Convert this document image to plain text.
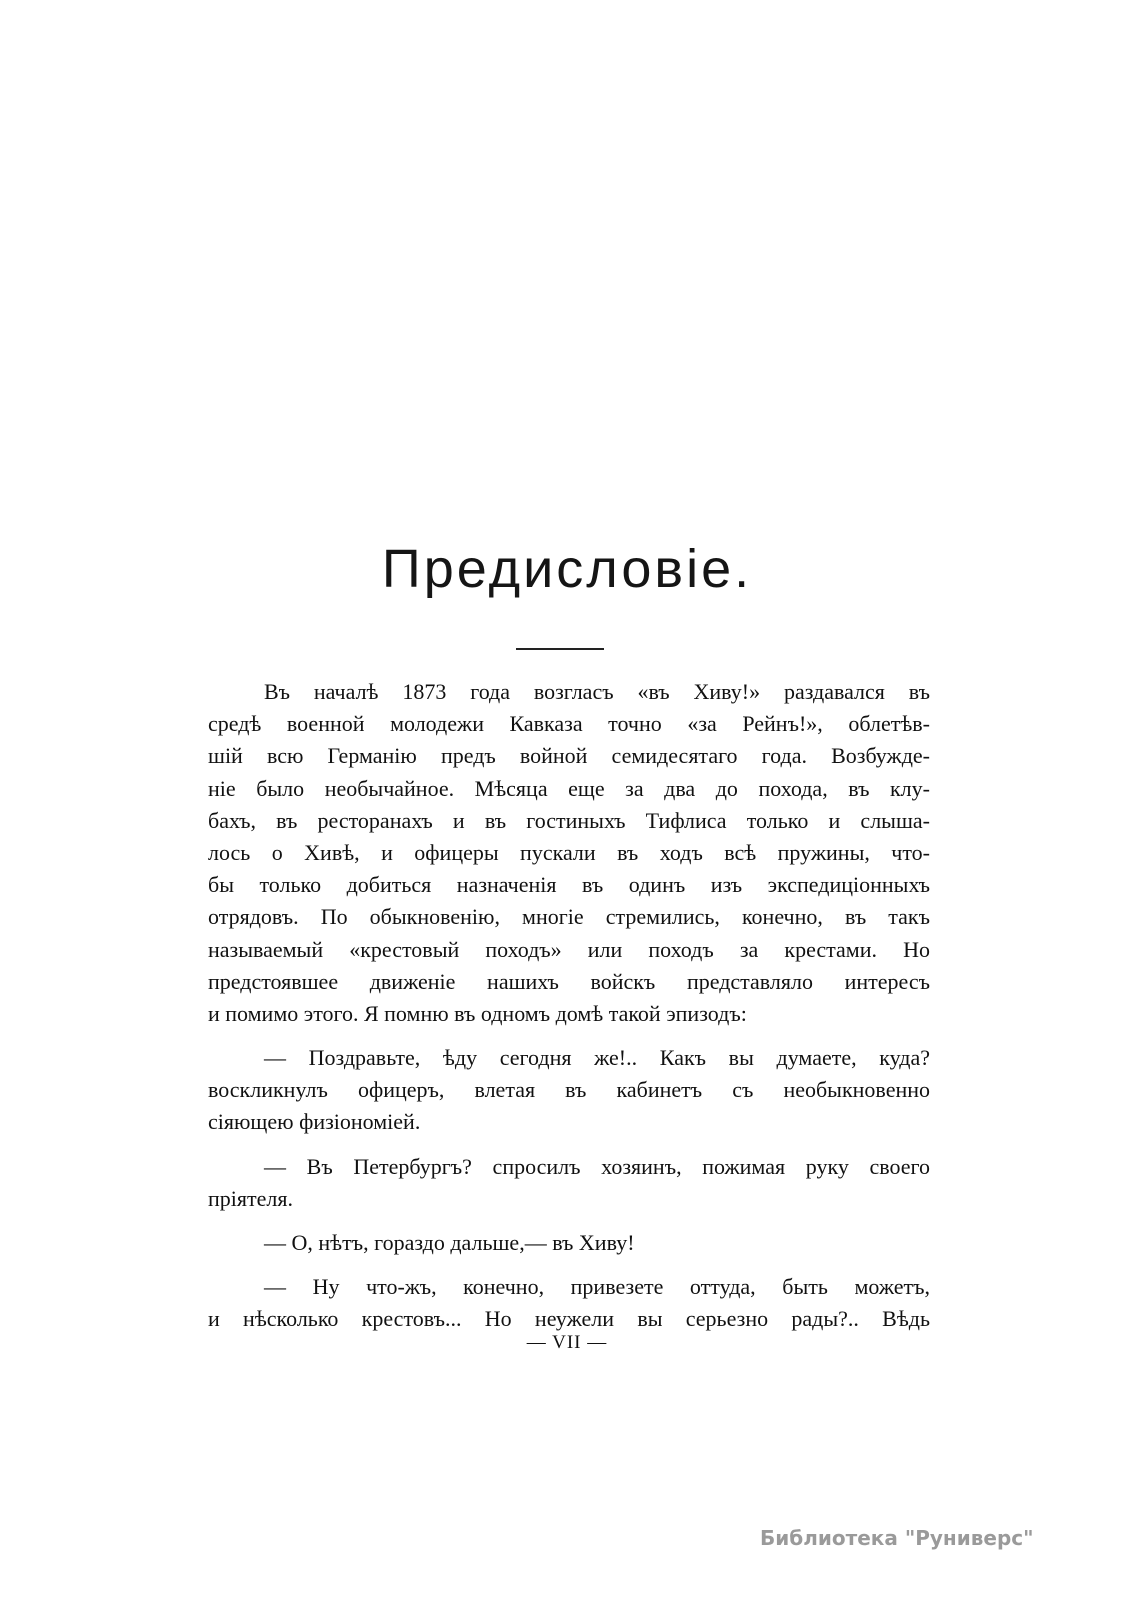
Предисловіе.
Въ началѣ 1873 года возгласъ «въ Хиву!» раздавался въ
средѣ военной молодежи Кавказа точно «за Рейнъ!», облетѣв-
шій всю Германію предъ войной семидесятаго года. Возбужде-
ніе было необычайное. Мѣсяца еще за два до похода, въ клу-
бахъ, въ ресторанахъ и въ гостиныхъ Тифлиса только и слыша-
лось о Хивѣ, и офицеры пускали въ ходъ всѣ пружины, что-
бы только добиться назначенія въ одинъ изъ экспедиціонныхъ
отрядовъ. По обыкновенію, многіе стремились, конечно, въ такъ
называемый «крестовый походъ» или походъ за крестами. Но
предстоявшее движеніе нашихъ войскъ представляло интересъ
и помимо этого. Я помню въ одномъ домѣ такой эпизодъ:
— Поздравьте, ѣду сегодня же!.. Какъ вы думаете, куда?
воскликнулъ офицеръ, влетая въ кабинетъ съ необыкновенно
сіяющею физіономіей.
— Въ Петербургъ? спросилъ хозяинъ, пожимая руку своего
пріятеля.
— О, нѣтъ, гораздо дальше,— въ Хиву!
— Ну что-жъ, конечно, привезете оттуда, быть можетъ,
и нѣсколько крестовъ... Но неужели вы серьезно рады?.. Вѣдь
— VII —
Библиотека "Руниверс"
